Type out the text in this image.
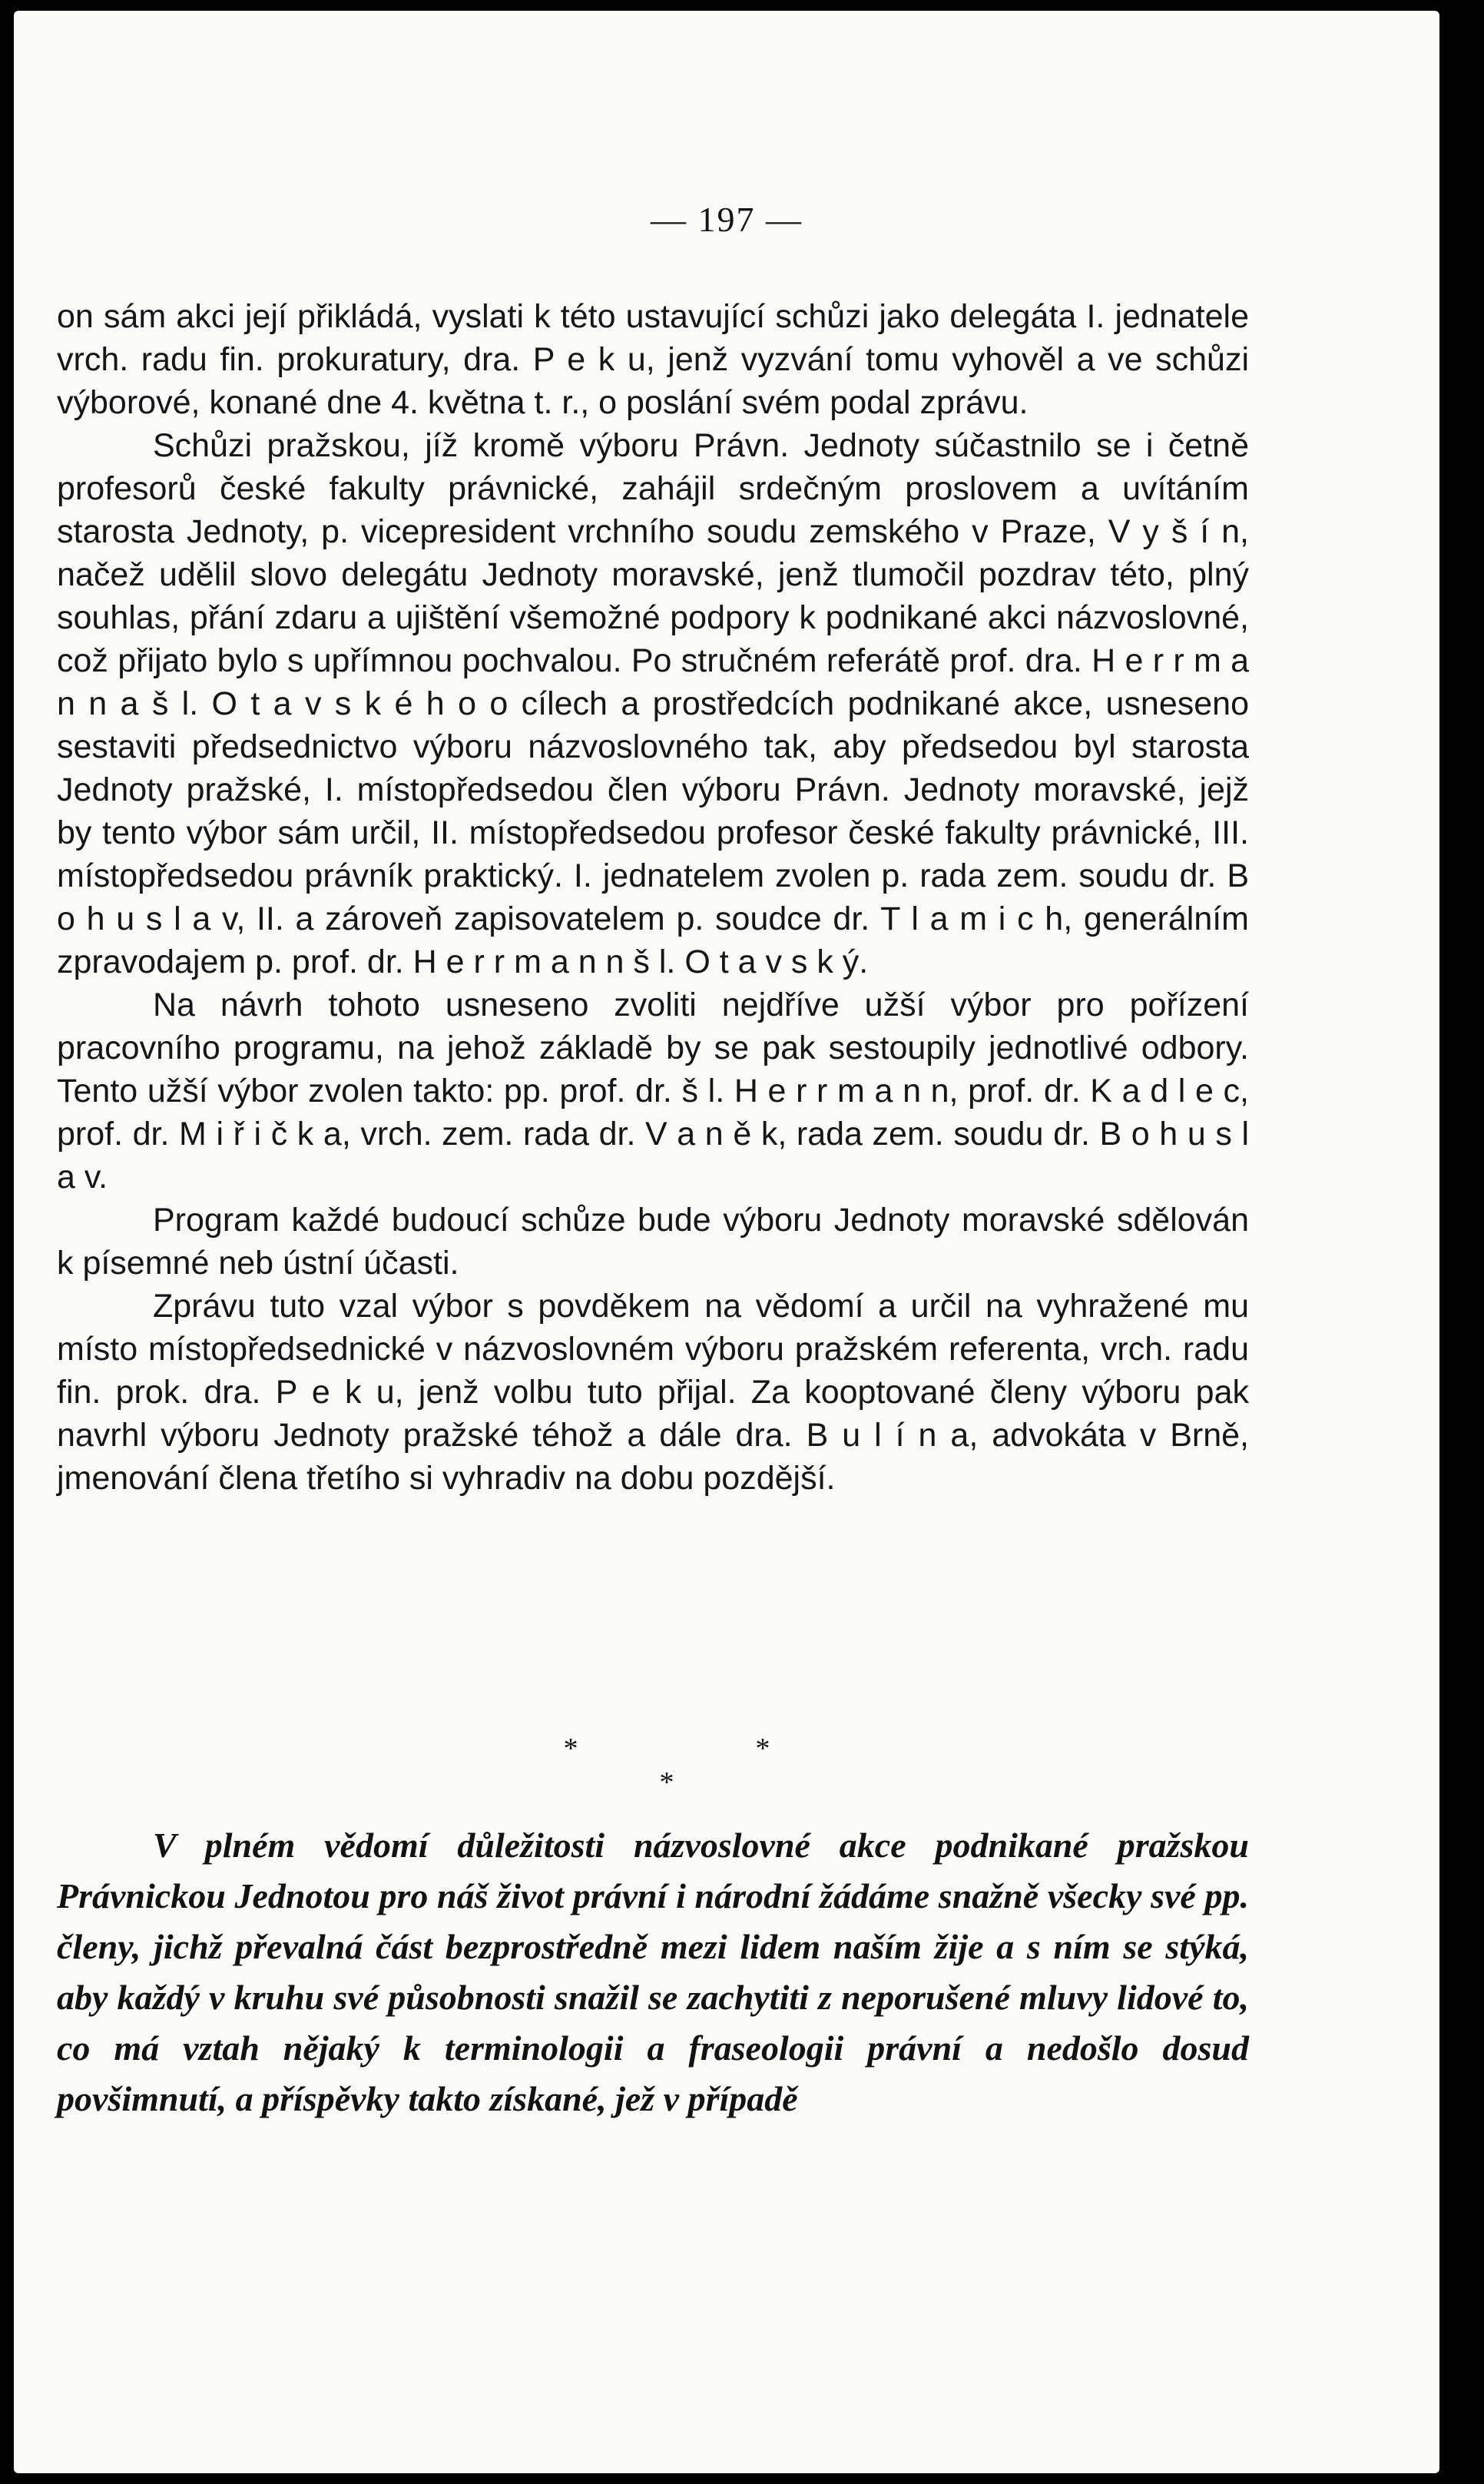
— 197 —

on sám akci její přikládá, vyslati k této ustavující schůzi jako delegáta I. jednatele vrch. radu fin. prokuratury, dra. P e k u, jenž vyzvání tomu vyhověl a ve schůzi výborové, konané dne 4. května t. r., o poslání svém podal zprávu.

Schůzi pražskou, jíž kromě výboru Právn. Jednoty súčastnilo se i četně profesorů české fakulty právnické, zahájil srdečným proslovem a uvítáním starosta Jednoty, p. vicepresident vrchního soudu zemského v Praze, V y š í n, načež udělil slovo delegátu Jednoty moravské, jenž tlumočil pozdrav této, plný souhlas, přání zdaru a ujištění všemožné podpory k podnikané akci názvoslovné, což přijato bylo s upřímnou pochvalou. Po stručném referátě prof. dra. H e r r m a n n a š l. O t a v s k é h o o cílech a prostředcích podnikané akce, usneseno sestaviti předsednictvo výboru názvoslovného tak, aby předsedou byl starosta Jednoty pražské, I. místopředsedou člen výboru Právn. Jednoty moravské, jejž by tento výbor sám určil, II. místopředsedou profesor české fakulty právnické, III. místopředsedou právník praktický. I. jednatelem zvolen p. rada zem. soudu dr. B o h u s l a v, II. a zároveň zapisovatelem p. soudce dr. T l a m i c h, generálním zpravodajem p. prof. dr. H e r r m a n n š l. O t a v s k ý.

Na návrh tohoto usneseno zvoliti nejdříve užší výbor pro pořízení pracovního programu, na jehož základě by se pak sestoupily jednotlivé odbory. Tento užší výbor zvolen takto: pp. prof. dr. š l. H e r r m a n n, prof. dr. K a d l e c, prof. dr. M i ř i č k a, vrch. zem. rada dr. V a n ě k, rada zem. soudu dr. B o h u s l a v.

Program každé budoucí schůze bude výboru Jednoty moravské sdělován k písemné neb ústní účasti.

Zprávu tuto vzal výbor s povděkem na vědomí a určil na vyhražené mu místo místopředsednické v názvoslovném výboru pražském referenta, vrch. radu fin. prok. dra. P e k u, jenž volbu tuto přijal. Za kooptované členy výboru pak navrhl výboru Jednoty pražské téhož a dále dra. B u l í n a, advokáta v Brně, jmenování člena třetího si vyhradiv na dobu pozdější.

*	*
*

V plném vědomí důležitosti názvoslovné akce podnikané pražskou Právnickou Jednotou pro náš život právní i národní žádáme snažně všecky své pp. členy, jichž převalná část bezprostředně mezi lidem naším žije a s ním se stýká, aby každý v kruhu své působnosti snažil se zachytiti z neporušené mluvy lidové to, co má vztah nějaký k terminologii a fraseologii právní a nedošlo dosud povšimnutí, a příspěvky takto získané, jež v případě
